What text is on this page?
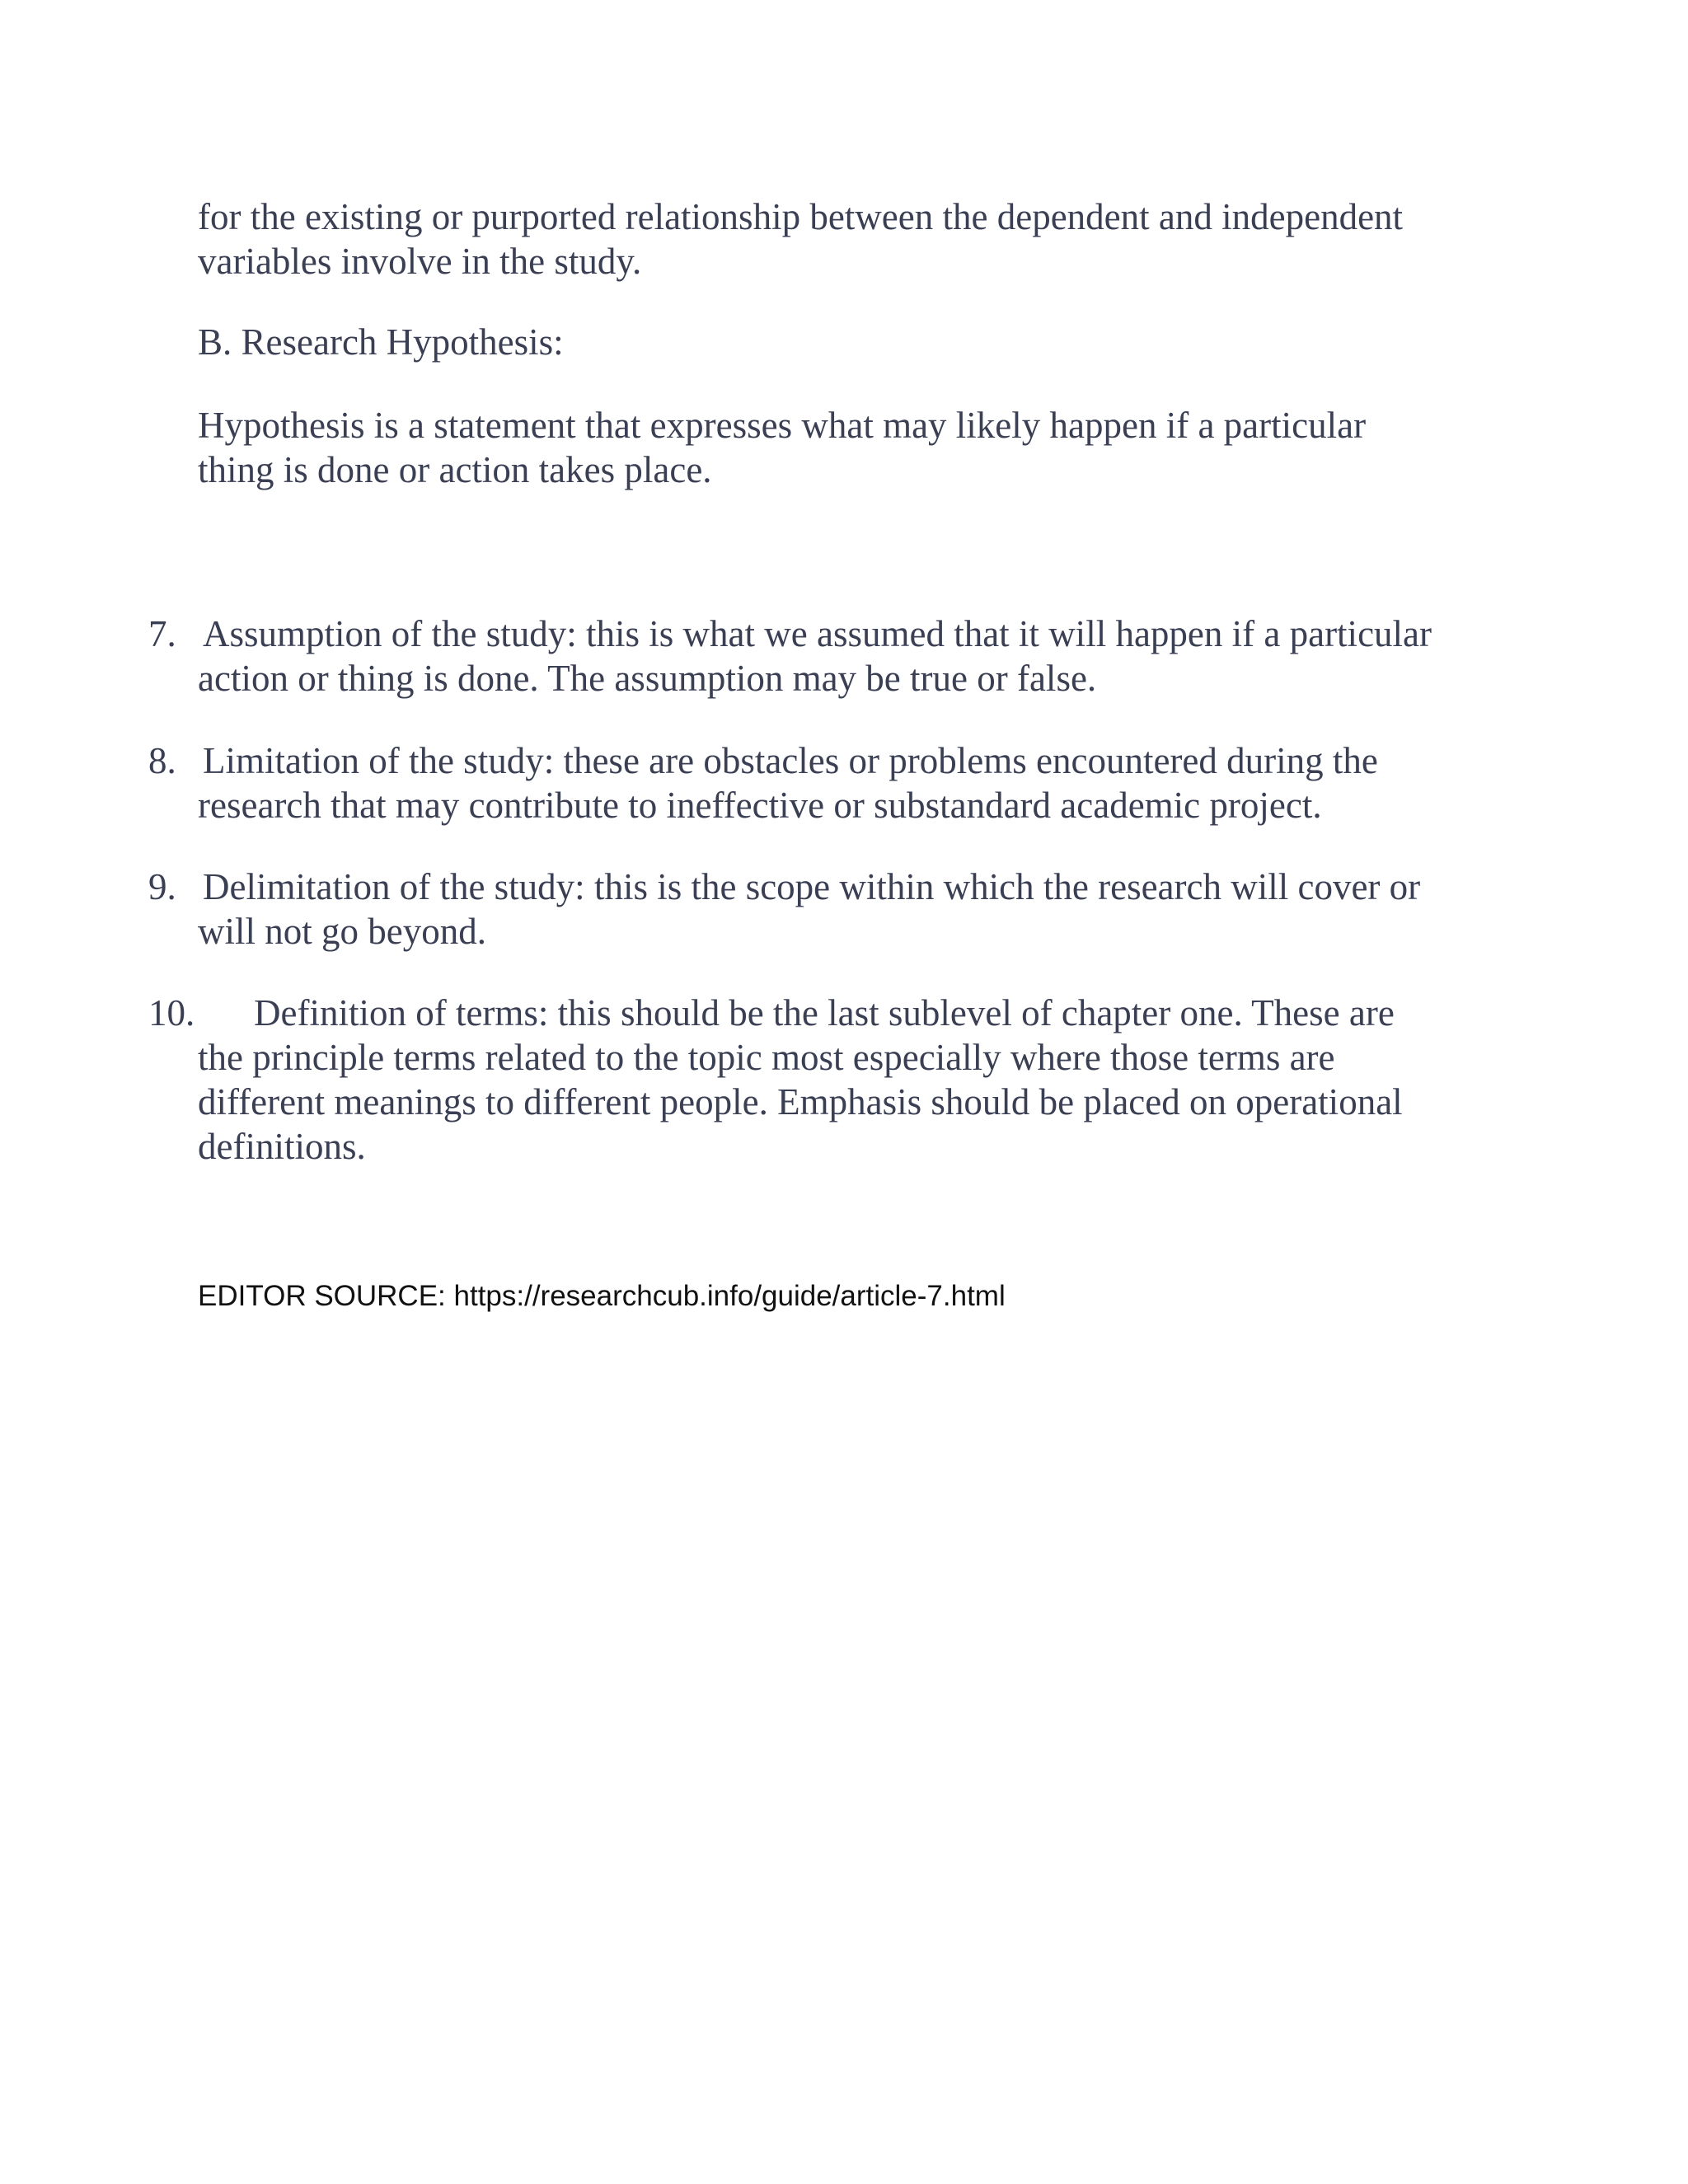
for the existing or purported relationship between the dependent and independent
variables involve in the study.
B. Research Hypothesis:
Hypothesis is a statement that expresses what may likely happen if a particular
thing is done or action takes place.
7. Assumption of the study: this is what we assumed that it will happen if a particular
action or thing is done. The assumption may be true or false.
8. Limitation of the study: these are obstacles or problems encountered during the
research that may contribute to ineffective or substandard academic project.
9. Delimitation of the study: this is the scope within which the research will cover or
will not go beyond.
10.	Definition of terms: this should be the last sublevel of chapter one. These are
the principle terms related to the topic most especially where those terms are
different meanings to different people. Emphasis should be placed on operational
definitions.
EDITOR SOURCE: https://researchcub.info/guide/article-7.html
